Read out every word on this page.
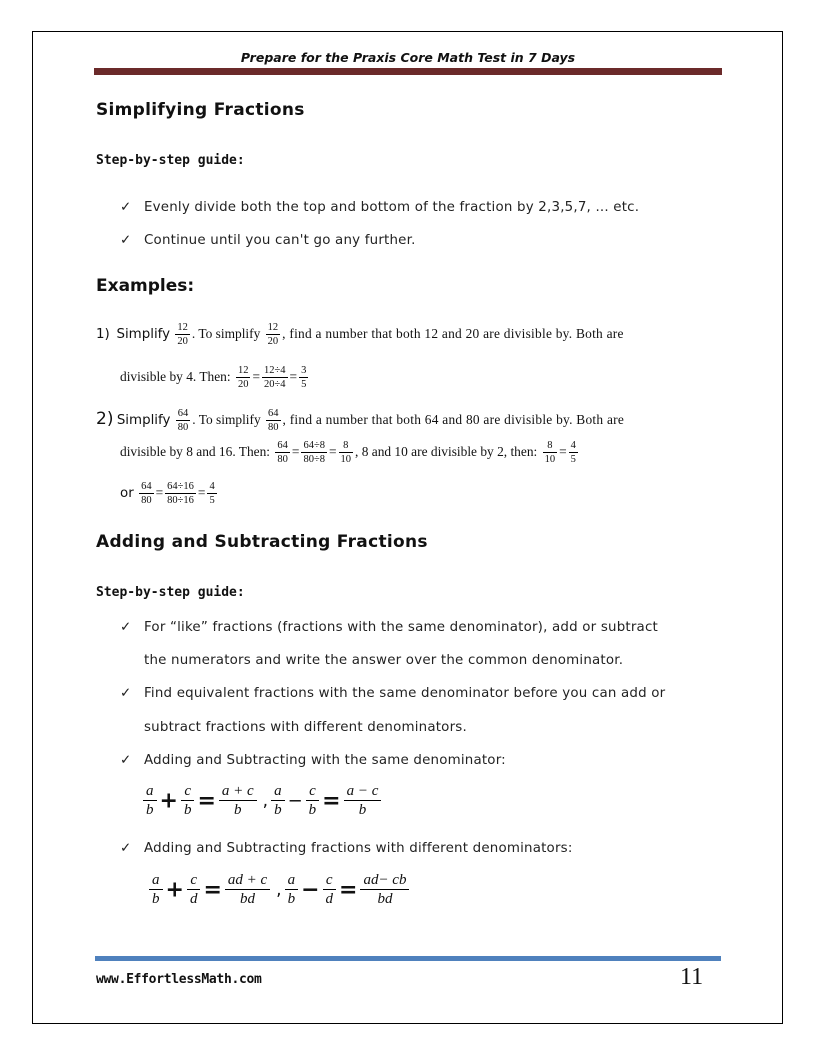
Prepare for the Praxis Core Math Test in 7 Days
Simplifying Fractions
Step-by-step guide:
✓ Evenly divide both the top and bottom of the fraction by 2,3,5,7, ... etc.
✓ Continue until you can't go any further.
Examples:
1) Simplify $\frac{12}{20}$ . To simplify $\frac{12}{20}$ , find a number that both 12 and 20 are divisible by. Both are
divisible by 4. Then: $\frac{12}{20} = \frac{12\div 4}{20\div 4} = \frac{3}{5}$
2) Simplify $\frac{64}{80}$ . To simplify $\frac{64}{80}$ , find a number that both 64 and 80 are divisible by. Both are
divisible by 8 and 16. Then: $\frac{64}{80} = \frac{64\div 8}{80\div 8} = \frac{8}{10}$ , 8 and 10 are divisible by 2, then: $\frac{8}{10} = \frac{4}{5}$
or $\frac{64}{80} = \frac{64\div 16}{80\div 16} = \frac{4}{5}$
Adding and Subtracting Fractions
Step-by-step guide:
✓ For “like” fractions (fractions with the same denominator), add or subtract
the numerators and write the answer over the common denominator.
✓ Find equivalent fractions with the same denominator before you can add or
subtract fractions with different denominators.
✓ Adding and Subtracting with the same denominator:
$\frac{a}{b} + \frac{c}{b} = \frac{a + c}{b}$ , $\frac{a}{b} - \frac{c}{b} = \frac{a - c}{b}$
✓ Adding and Subtracting fractions with different denominators:
$\frac{a}{b} + \frac{c}{d} = \frac{ad + c}{bd}$ , $\frac{a}{b} - \frac{c}{d} = \frac{ad- cb}{bd}$
www.EffortlessMath.com	11
